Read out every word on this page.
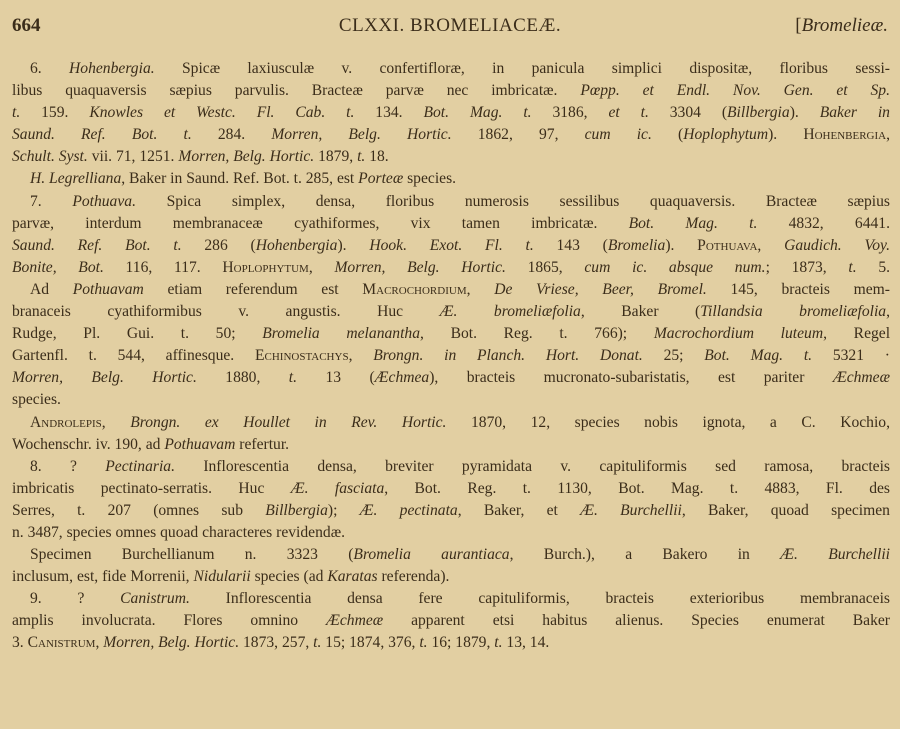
664	CLXXI. BROMELIACEÆ.	[Bromelieæ.
6. Hohenbergia. Spicæ laxiusculæ v. confertifloræ, in panicula simplici dispositæ, floribus sessi-
libus quaquaversis sæpius parvulis. Bracteæ parvæ nec imbricatæ. Pœpp. et Endl. Nov. Gen. et Sp.
t. 159. Knowles et Westc. Fl. Cab. t. 134. Bot. Mag. t. 3186, et t. 3304 (Billbergia). Baker in
Saund. Ref. Bot. t. 284. Morren, Belg. Hortic. 1862, 97, cum ic. (Hoplophytum). Hohenbergia,
Schult. Syst. vii. 71, 1251. Morren, Belg. Hortic. 1879, t. 18.
H. Legrelliana, Baker in Saund. Ref. Bot. t. 285, est Porteæ species.
7. Pothuava. Spica simplex, densa, floribus numerosis sessilibus quaquaversis. Bracteæ sæpius
parvæ, interdum membranaceæ cyathiformes, vix tamen imbricatæ. Bot. Mag. t. 4832, 6441.
Saund. Ref. Bot. t. 286 (Hohenbergia). Hook. Exot. Fl. t. 143 (Bromelia). Pothuava, Gaudich. Voy.
Bonite, Bot. 116, 117. Hoplophytum, Morren, Belg. Hortic. 1865, cum ic. absque num.; 1873, t. 5.
Ad Pothuavam etiam referendum est Macrochordium, De Vriese, Beer, Bromel. 145, bracteis mem-
branaceis cyathiformibus v. angustis. Huc Æ. bromeliæfolia, Baker (Tillandsia bromeliæfolia,
Rudge, Pl. Gui. t. 50; Bromelia melanantha, Bot. Reg. t. 766); Macrochordium luteum, Regel
Gartenfl. t. 544, affinesque. Echinostachys, Brongn. in Planch. Hort. Donat. 25; Bot. Mag. t. 5321 ·
Morren, Belg. Hortic. 1880, t. 13 (Æchmea), bracteis mucronato-subaristatis, est pariter Æchmeæ
species.
Androlepis, Brongn. ex Houllet in Rev. Hortic. 1870, 12, species nobis ignota, a C. Kochio,
Wochenschr. iv. 190, ad Pothuavam refertur.
8. ? Pectinaria. Inflorescentia densa, breviter pyramidata v. capituliformis sed ramosa, bracteis
imbricatis pectinato-serratis. Huc Æ. fasciata, Bot. Reg. t. 1130, Bot. Mag. t. 4883, Fl. des
Serres, t. 207 (omnes sub Billbergia); Æ. pectinata, Baker, et Æ. Burchellii, Baker, quoad specimen
n. 3487, species omnes quoad characteres revidendæ.
Specimen Burchellianum n. 3323 (Bromelia aurantiaca, Burch.), a Bakero in Æ. Burchellii
inclusum, est, fide Morrenii, Nidularii species (ad Karatas referenda).
9. ? Canistrum. Inflorescentia densa fere capituliformis, bracteis exterioribus membranaceis
amplis involucrata. Flores omnino Æchmeæ apparent etsi habitus alienus. Species enumerat Baker
3. Canistrum, Morren, Belg. Hortic. 1873, 257, t. 15; 1874, 376, t. 16; 1879, t. 13, 14.
